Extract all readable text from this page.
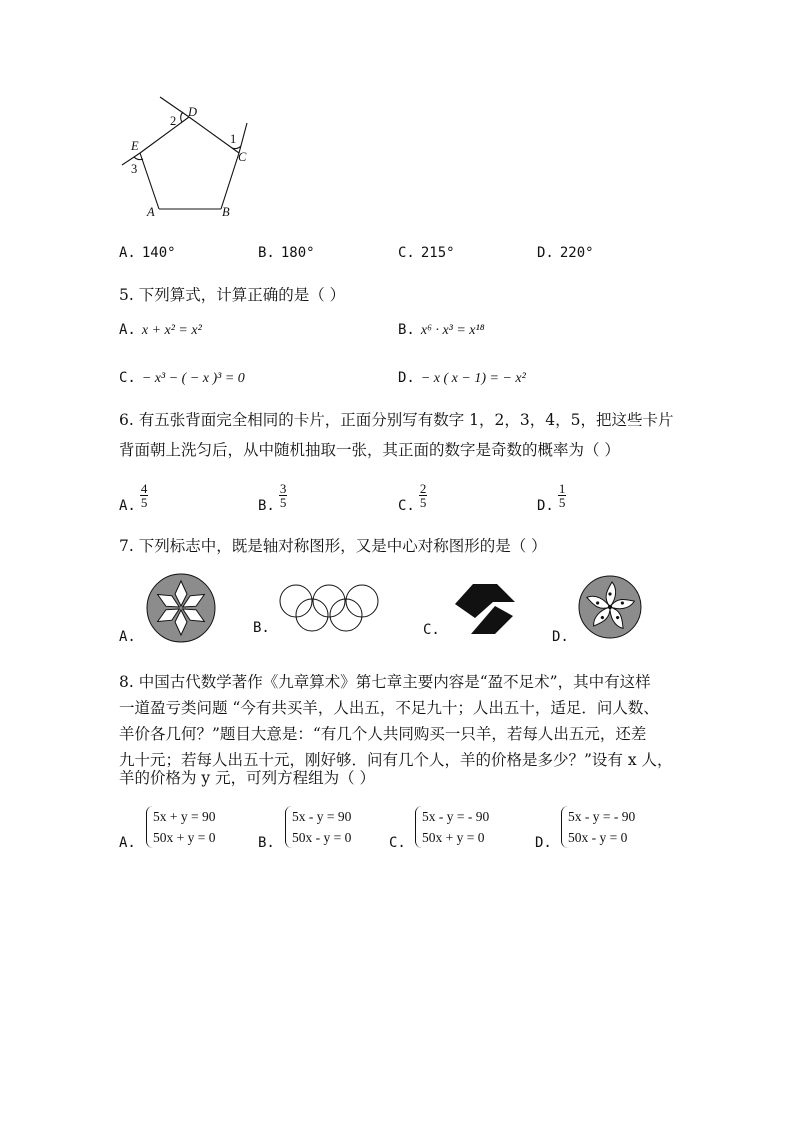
A	B
C
D
E	1
2
3
A. 140°	B. 180°	C. 215°	D. 220°
5. 下列算式，计算正确的是（ ）
A. x + x² = x²	B. x⁶ · x³ = x¹⁸
C. − x³ − ( − x )³ = 0	D. − x ( x − 1) = − x²
6. 有五张背面完全相同的卡片，正面分别写有数字 1，2，3，4，5，把这些卡片
背面朝上洗匀后，从中随机抽取一张，其正面的数字是奇数的概率为（ ）
A. $\frac{4}{5}$	B. $\frac{3}{5}$	C. $\frac{2}{5}$	D. $\frac{1}{5}$
7. 下列标志中，既是轴对称图形，又是中心对称图形的是（ ）
A.
B.	C.	D.
8. 中国古代数学著作《九章算术》第七章主要内容是“盈不足术”，其中有这样
一道盈亏类问题 “今有共买羊，人出五，不足九十；人出五十，适足．问人数、
羊价各几何？”题目大意是：“有几个人共同购买一只羊，若每人出五元，还差
九十元；若每人出五十元，刚好够．问有几个人，羊的价格是多少？”设有 x 人，
羊的价格为 y 元，可列方程组为（ ）
A.
5x + y = 90
50x + y = 0	B.
5x - y = 90
50x - y = 0	C.
5x - y = - 90
50x + y = 0	D.
5x - y = - 90
50x - y = 0
